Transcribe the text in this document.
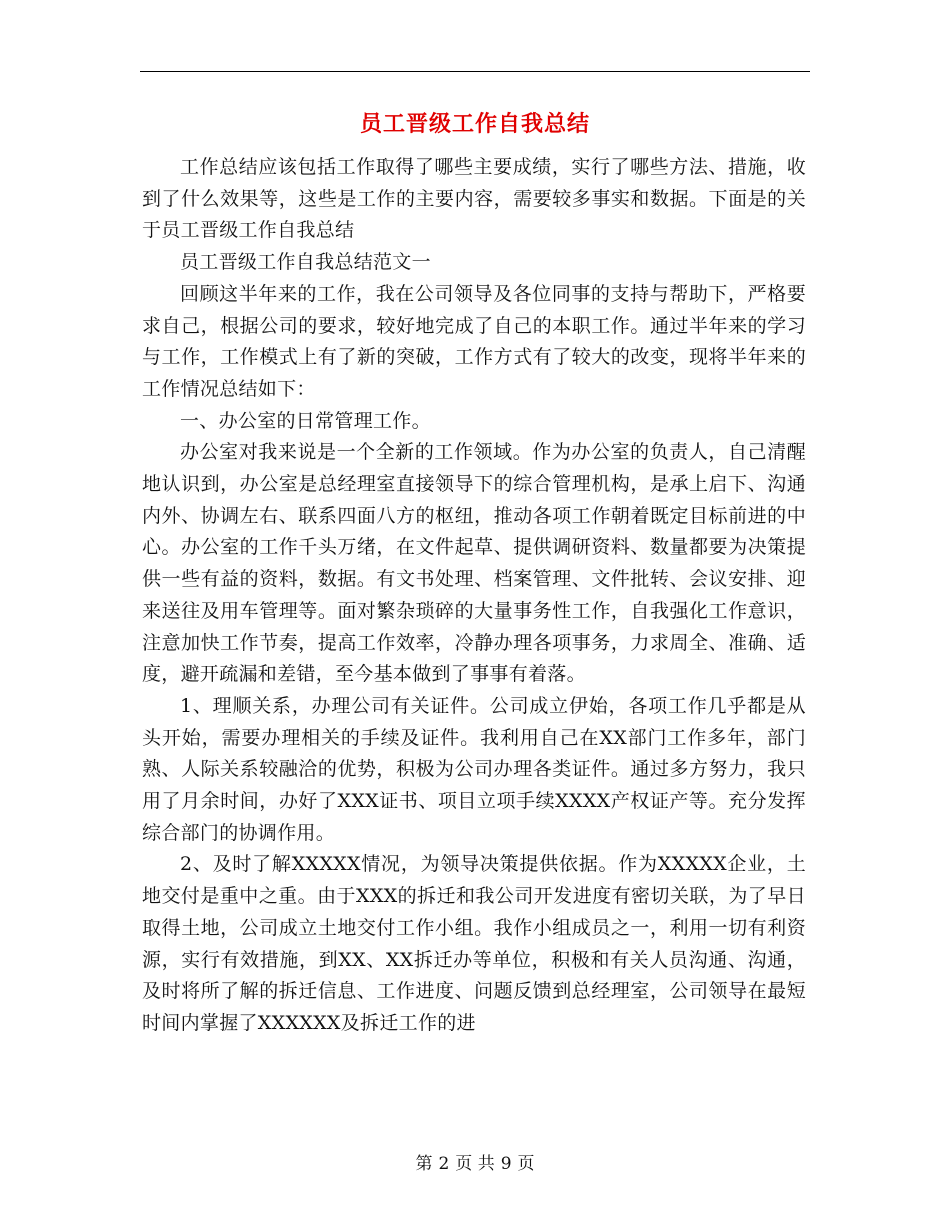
员工晋级工作自我总结

工作总结应该包括工作取得了哪些主要成绩，实行了哪些方法、措施，收到了什么效果等，这些是工作的主要内容，需要较多事实和数据。下面是的关于员工晋级工作自我总结

员工晋级工作自我总结范文一

回顾这半年来的工作，我在公司领导及各位同事的支持与帮助下，严格要求自己，根据公司的要求，较好地完成了自己的本职工作。通过半年来的学习与工作，工作模式上有了新的突破，工作方式有了较大的改变，现将半年来的工作情况总结如下：

一、办公室的日常管理工作。

办公室对我来说是一个全新的工作领域。作为办公室的负责人，自己清醒地认识到，办公室是总经理室直接领导下的综合管理机构，是承上启下、沟通内外、协调左右、联系四面八方的枢纽，推动各项工作朝着既定目标前进的中心。办公室的工作千头万绪，在文件起草、提供调研资料、数量都要为决策提供一些有益的资料，数据。有文书处理、档案管理、文件批转、会议安排、迎来送往及用车管理等。面对繁杂琐碎的大量事务性工作，自我强化工作意识，注意加快工作节奏，提高工作效率，冷静办理各项事务，力求周全、准确、适度，避开疏漏和差错，至今基本做到了事事有着落。

1、理顺关系，办理公司有关证件。公司成立伊始，各项工作几乎都是从头开始，需要办理相关的手续及证件。我利用自己在XX部门工作多年，部门熟、人际关系较融洽的优势，积极为公司办理各类证件。通过多方努力，我只用了月余时间，办好了XXX证书、项目立项手续XXXX产权证产等。充分发挥综合部门的协调作用。

2、及时了解XXXXX情况，为领导决策提供依据。作为XXXXX企业，土地交付是重中之重。由于XXX的拆迁和我公司开发进度有密切关联，为了早日取得土地，公司成立土地交付工作小组。我作小组成员之一，利用一切有利资源，实行有效措施，到XX、XX拆迁办等单位，积极和有关人员沟通、沟通，及时将所了解的拆迁信息、工作进度、问题反馈到总经理室，公司领导在最短时间内掌握了XXXXXX及拆迁工作的进

第 2 页 共 9 页
